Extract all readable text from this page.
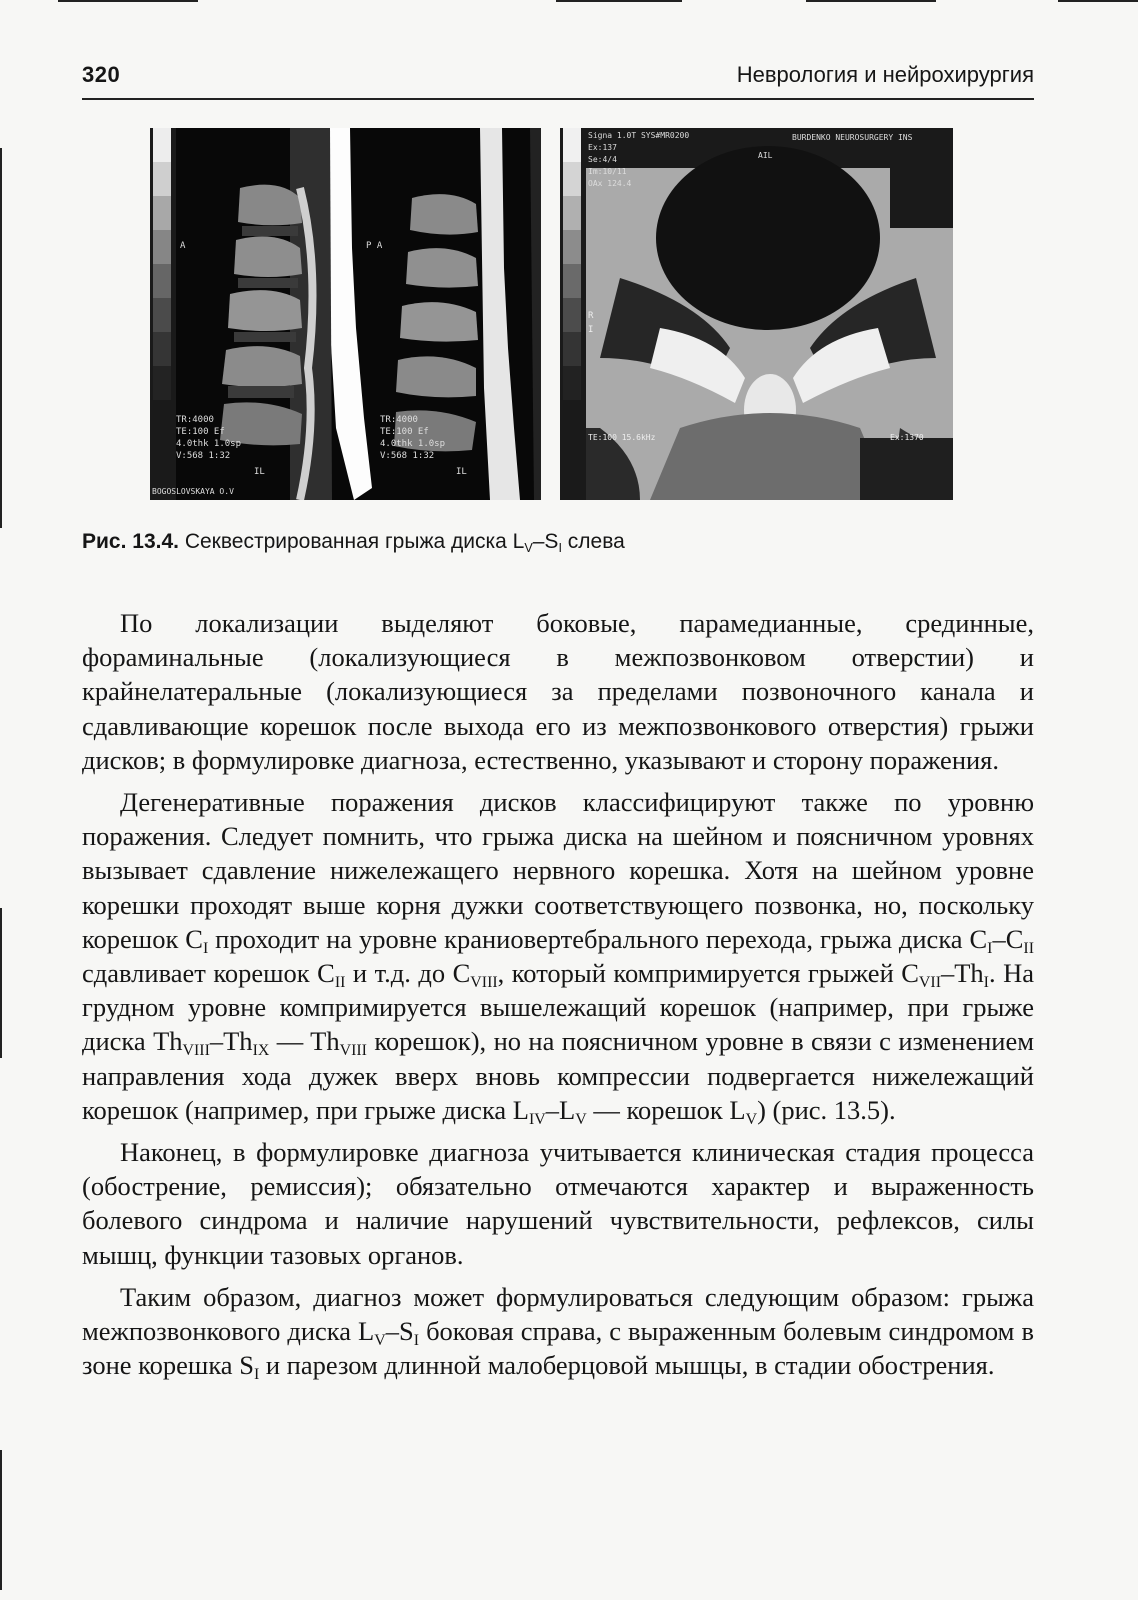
320	Неврология и нейрохирургия
A	P A
TR:4000
TE:100 Ef
4.0thk 1.0sp
V:568 1:32
IL
TR:4000
TE:100 Ef
4.0thk 1.0sp
V:568 1:32
IL
BOGOSLOVSKAYA O.V
Signa 1.0T SYS#MR0200
Ex:137
Se:4/4
Im:10/11
OAx 124.4
BURDENKO NEUROSURGERY INS
AIL
R
I
TE:100 15.6kHz	Ex:1370
Рис. 13.4. Секвестрированная грыжа диска $L_V-S_I$ слева

По локализации выделяют боковые, парамедианные, срединные, фораминальные (локализующиеся в межпозвонковом отверстии) и крайнелатеральные (локализующиеся за пределами позвоночного канала и сдавливающие корешок после выхода его из межпозвонкового отверстия) грыжи дисков; в формулировке диагноза, естественно, указывают и сторону поражения.

Дегенеративные поражения дисков классифицируют также по уровню поражения. Следует помнить, что грыжа диска на шейном и поясничном уровнях вызывает сдавление нижележащего нервного корешка. Хотя на шейном уровне корешки проходят выше корня дужки соответствующего позвонка, но, поскольку корешок $C_I$ проходит на уровне краниовертебрального перехода, грыжа диска $C_I-C_{II}$ сдавливает корешок $C_{II}$ и т.д. до $C_{VIII}$, который компримируется грыжей $C_{VII}-Th_I$. На грудном уровне компримируется вышележащий корешок (например, при грыже диска $Th_{VIII}-Th_{IX}$ — $Th_{VIII}$ корешок), но на поясничном уровне в связи с изменением направления хода дужек вверх вновь компрессии подвергается нижележащий корешок (например, при грыже диска $L_{IV}-L_V$ — корешок $L_V$) (рис. 13.5).

Наконец, в формулировке диагноза учитывается клиническая стадия процесса (обострение, ремиссия); обязательно отмечаются характер и выраженность болевого синдрома и наличие нарушений чувствительности, рефлексов, силы мышц, функции тазовых органов.

Таким образом, диагноз может формулироваться следующим образом: грыжа межпозвонкового диска $L_V-S_I$ боковая справа, с выраженным болевым синдромом в зоне корешка $S_I$ и парезом длинной малоберцовой мышцы, в стадии обострения.
